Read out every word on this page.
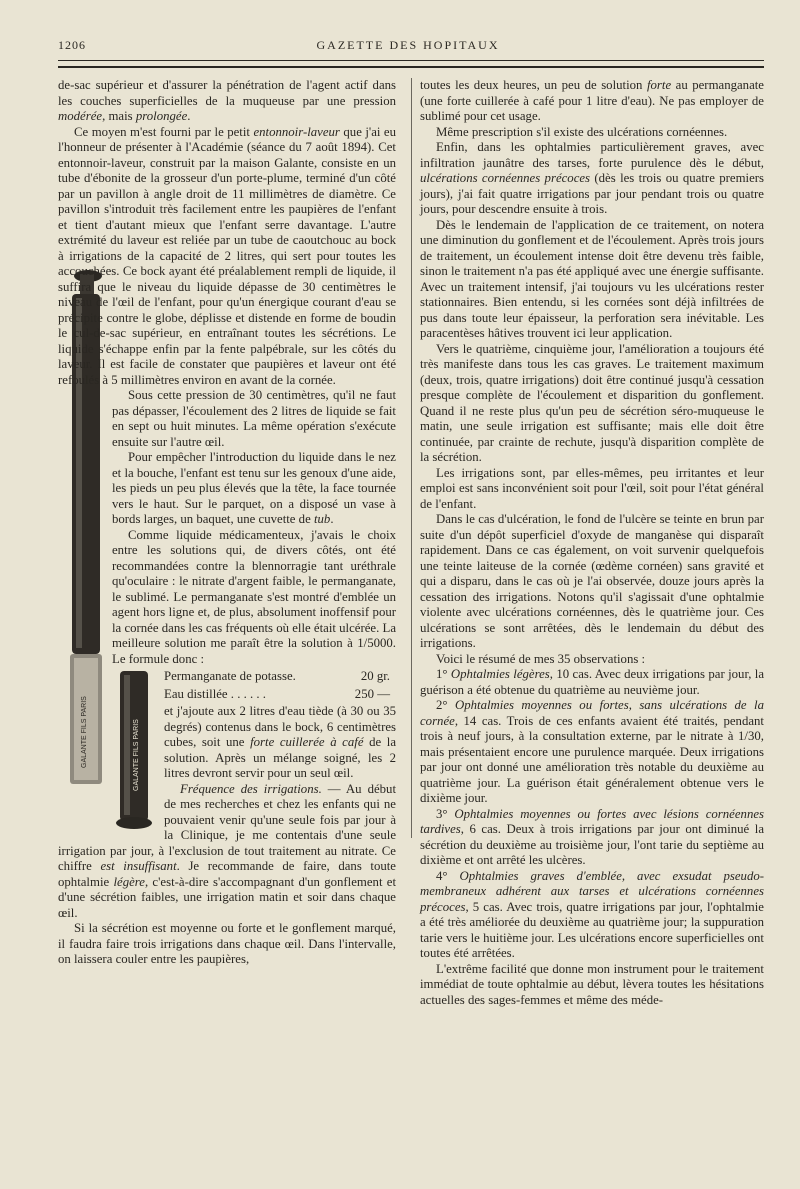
1206	GAZETTE DES HOPITAUX

de-sac supérieur et d'assurer la pénétration de l'agent actif dans les couches superficielles de la muqueuse par une pression modérée, mais prolongée.

Ce moyen m'est fourni par le petit entonnoir-laveur que j'ai eu l'honneur de présenter à l'Académie (séance du 7 août 1894). Cet entonnoir-laveur, construit par la maison Galante, consiste en un tube d'ébonite de la grosseur d'un porte-plume, terminé d'un côté par un pavillon à angle droit de 11 millimètres de diamètre. Ce pavillon s'introduit très facilement entre les paupières de l'enfant et tient d'autant mieux que l'enfant serre davantage. L'autre extrémité du laveur est reliée par un tube de caoutchouc au bock à irrigations de la capacité de 2 litres, qui sert pour toutes les accouchées. Ce bock ayant été préalablement rempli de liquide, il suffira que le niveau du liquide dépasse de 30 centimètres le niveau de l'œil de l'enfant, pour qu'un énergique courant d'eau se précipite contre le globe, déplisse et distende en forme de boudin le cul-de-sac supérieur, en entraînant toutes les sécrétions. Le liquide s'échappe enfin par la fente palpébrale, sur les côtés du laveur. Il est facile de constater que paupières et laveur ont été refoulés à 5 millimètres environ en avant de la cornée.

GALANTE FILS PARIS

Sous cette pression de 30 centimètres, qu'il ne faut pas dépasser, l'écoulement des 2 litres de liquide se fait en sept ou huit minutes. La même opération s'exécute ensuite sur l'autre œil.

Pour empêcher l'introduction du liquide dans le nez et la bouche, l'enfant est tenu sur les genoux d'une aide, les pieds un peu plus élevés que la tête, la face tournée vers le haut. Sur le parquet, on a disposé un vase à bords larges, un baquet, une cuvette de tub.

Comme liquide médicamenteux, j'avais le choix entre les solutions qui, de divers côtés, ont été recommandées contre la blennorragie tant uréthrale qu'oculaire : le nitrate d'argent faible, le permanganate, le sublimé. Le permanganate s'est montré d'emblée un agent hors ligne et, de plus, absolument inoffensif pour la cornée dans les cas fréquents où elle était ulcérée. La meilleure solution me paraît être la solution à 1/5000. Le formule donc :

GALANTE FILS PARIS

Permanganate de potasse.	20 gr.

Eau distillée . . . . . .	250 —

et j'ajoute aux 2 litres d'eau tiède (à 30 ou 35 degrés) contenus dans le bock, 6 centimètres cubes, soit une forte cuillerée à café de la solution. Après un mélange soigné, les 2 litres devront servir pour un seul œil.

Fréquence des irrigations. — Au début de mes recherches et chez les enfants qui ne pouvaient venir qu'une seule fois par jour à la Clinique, je me contentais d'une seule irrigation par jour, à l'exclusion de tout traitement au nitrate. Ce chiffre est insuffisant. Je recommande de faire, dans toute ophtalmie légère, c'est-à-dire s'accompagnant d'un gonflement et d'une sécrétion faibles, une irrigation matin et soir dans chaque œil.

Si la sécrétion est moyenne ou forte et le gonflement marqué, il faudra faire trois irrigations dans chaque œil. Dans l'intervalle, on laissera couler entre les paupières,

toutes les deux heures, un peu de solution forte au permanganate (une forte cuillerée à café pour 1 litre d'eau). Ne pas employer de sublimé pour cet usage.

Même prescription s'il existe des ulcérations cornéennes.

Enfin, dans les ophtalmies particulièrement graves, avec infiltration jaunâtre des tarses, forte purulence dès le début, ulcérations cornéennes précoces (dès les trois ou quatre premiers jours), j'ai fait quatre irrigations par jour pendant trois ou quatre jours, pour descendre ensuite à trois.

Dès le lendemain de l'application de ce traitement, on notera une diminution du gonflement et de l'écoulement. Après trois jours de traitement, un écoulement intense doit être devenu très faible, sinon le traitement n'a pas été appliqué avec une énergie suffisante. Avec un traitement intensif, j'ai toujours vu les ulcérations rester stationnaires. Bien entendu, si les cornées sont déjà infiltrées de pus dans toute leur épaisseur, la perforation sera inévitable. Les paracentèses hâtives trouvent ici leur application.

Vers le quatrième, cinquième jour, l'amélioration a toujours été très manifeste dans tous les cas graves. Le traitement maximum (deux, trois, quatre irrigations) doit être continué jusqu'à cessation presque complète de l'écoulement et disparition du gonflement. Quand il ne reste plus qu'un peu de sécrétion séro-muqueuse le matin, une seule irrigation est suffisante; mais elle doit être continuée, par crainte de rechute, jusqu'à disparition complète de la sécrétion.

Les irrigations sont, par elles-mêmes, peu irritantes et leur emploi est sans inconvénient soit pour l'œil, soit pour l'état général de l'enfant.

Dans le cas d'ulcération, le fond de l'ulcère se teinte en brun par suite d'un dépôt superficiel d'oxyde de manganèse qui disparaît rapidement. Dans ce cas également, on voit survenir quelquefois une teinte laiteuse de la cornée (œdème cornéen) sans gravité et qui a disparu, dans le cas où je l'ai observée, douze jours après la cessation des irrigations. Notons qu'il s'agissait d'une ophtalmie violente avec ulcérations cornéennes, dès le quatrième jour. Ces ulcérations se sont arrêtées, dès le lendemain du début des irrigations.

Voici le résumé de mes 35 observations :

1° Ophtalmies légères, 10 cas. Avec deux irrigations par jour, la guérison a été obtenue du quatrième au neuvième jour.

2° Ophtalmies moyennes ou fortes, sans ulcérations de la cornée, 14 cas. Trois de ces enfants avaient été traités, pendant trois à neuf jours, à la consultation externe, par le nitrate à 1/30, mais présentaient encore une purulence marquée. Deux irrigations par jour ont donné une amélioration très notable du deuxième au quatrième jour. La guérison était généralement obtenue vers le dixième jour.

3° Ophtalmies moyennes ou fortes avec lésions cornéennes tardives, 6 cas. Deux à trois irrigations par jour ont diminué la sécrétion du deuxième au troisième jour, l'ont tarie du septième au dixième et ont arrêté les ulcères.

4° Ophtalmies graves d'emblée, avec exsudat pseudo-membraneux adhérent aux tarses et ulcérations cornéennes précoces, 5 cas. Avec trois, quatre irrigations par jour, l'ophtalmie a été très améliorée du deuxième au quatrième jour; la suppuration tarie vers le huitième jour. Les ulcérations encore superficielles ont toutes été arrêtées.

L'extrême facilité que donne mon instrument pour le traitement immédiat de toute ophtalmie au début, lèvera toutes les hésitations actuelles des sages-femmes et même des méde-
